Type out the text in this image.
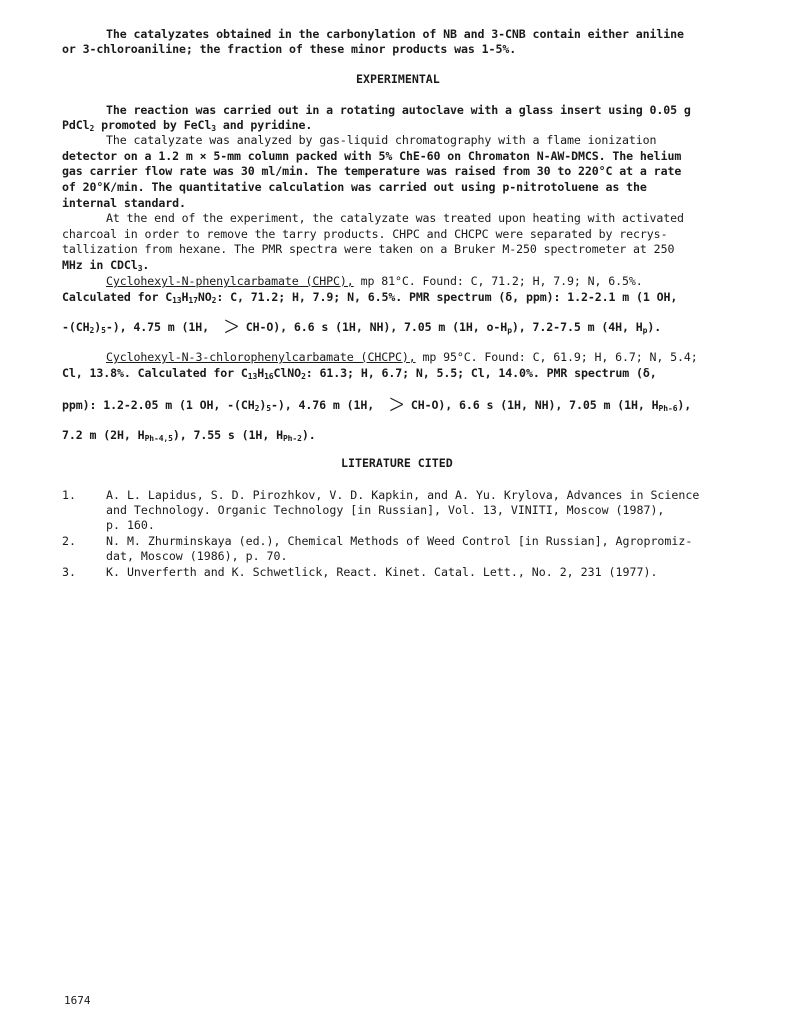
The catalyzates obtained in the carbonylation of NB and 3-CNB contain either aniline
or 3-chloroaniline; the fraction of these minor products was 1-5%.
EXPERIMENTAL
The reaction was carried out in a rotating autoclave with a glass insert using 0.05 g
PdCl$_2$ promoted by FeCl$_3$ and pyridine.
The catalyzate was analyzed by gas-liquid chromatography with a flame ionization
detector on a 1.2 m × 5-mm column packed with 5% ChE-60 on Chromaton N-AW-DMCS. The helium
gas carrier flow rate was 30 ml/min. The temperature was raised from 30 to 220°C at a rate
of 20°K/min. The quantitative calculation was carried out using p-nitrotoluene as the
internal standard.
At the end of the experiment, the catalyzate was treated upon heating with activated
charcoal in order to remove the tarry products. CHPC and CHCPC were separated by recrys-
tallization from hexane. The PMR spectra were taken on a Bruker M-250 spectrometer at 250
MHz in CDCl$_3$.
Cyclohexyl-N-phenylcarbamate (CHPC), mp 81°C. Found: C, 71.2; H, 7.9; N, 6.5%.
Calculated for $C_{13}H_{17}NO_2$: C, 71.2; H, 7.9; N, 6.5%. PMR spectrum (δ, ppm): 1.2-2.1 m (1 OH,
$-(CH_2)_5-$), 4.75 m (1H, > CH-O), 6.6 s (1H, NH), 7.05 m (1H, $o-H_p$), 7.2-7.5 m (4H, $H_p$).
Cyclohexyl-N-3-chlorophenylcarbamate (CHCPC), mp 95°C. Found: C, 61.9; H, 6.7; N, 5.4;
Cl, 13.8%. Calculated for $C_{13}H_{16}ClNO_2$: 61.3; H, 6.7; N, 5.5; Cl, 14.0%. PMR spectrum (δ,
ppm): 1.2-2.05 m (1 OH, $-(CH_2)_5-$), 4.76 m (1H, > CH-O), 6.6 s (1H, NH), 7.05 m (1H, $H_{Ph-6}$),
7.2 m (2H, $H_{Ph-4,5}$), 7.55 s (1H, $H_{Ph-2}$).
LITERATURE CITED
1.	A. L. Lapidus, S. D. Pirozhkov, V. D. Kapkin, and A. Yu. Krylova, Advances in Science
and Technology. Organic Technology [in Russian], Vol. 13, VINITI, Moscow (1987),
p. 160.
2.	N. M. Zhurminskaya (ed.), Chemical Methods of Weed Control [in Russian], Agropromiz-
dat, Moscow (1986), p. 70.
3.	K. Unverferth and K. Schwetlick, React. Kinet. Catal. Lett., No. 2, 231 (1977).
1674
